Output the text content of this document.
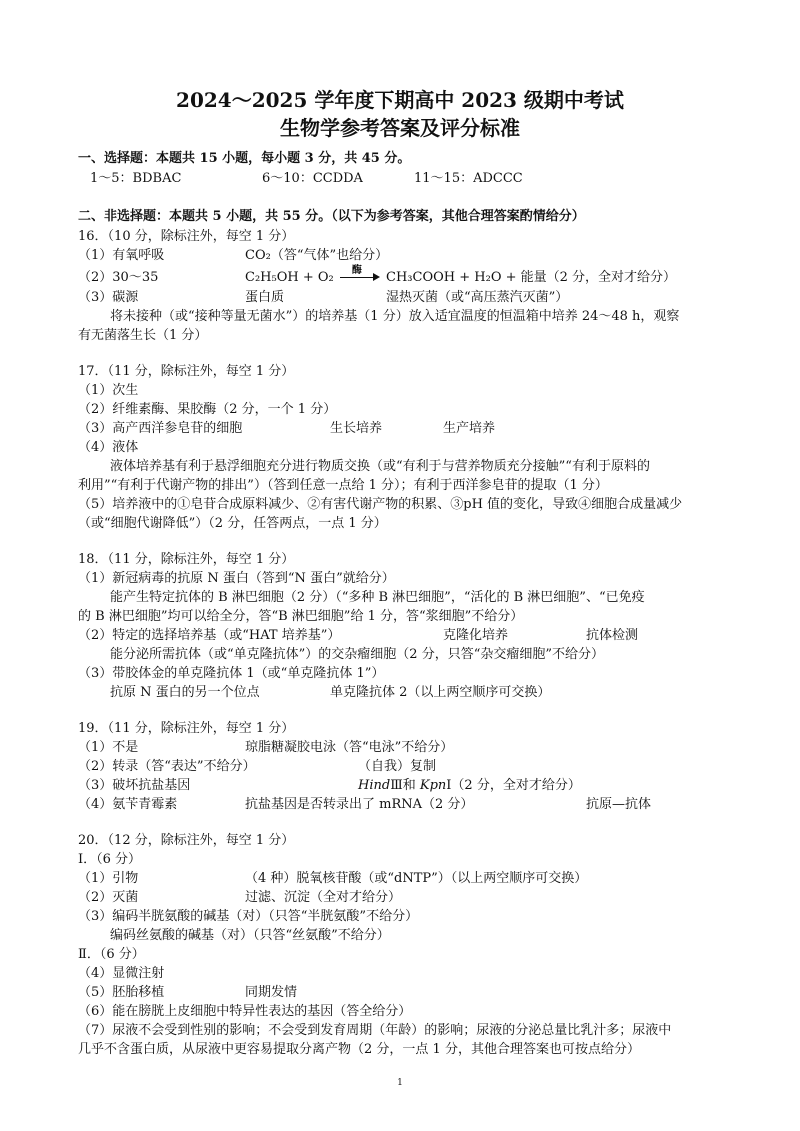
2024～2025 学年度下期高中 2023 级期中考试
生物学参考答案及评分标准
一、选择题：本题共 15 小题，每小题 3 分，共 45 分。
1～5：BDBAC	6～10：CCDDA	11～15：ADCCC
二、非选择题：本题共 5 小题，共 55 分。（以下为参考答案，其他合理答案酌情给分）
16．（10 分，除标注外，每空 1 分）
（1）有氧呼吸	CO₂（答“气体”也给分）
（2）30～35	C₂H₅OH + O₂ 酶 CH₃COOH + H₂O + 能量（2 分，全对才给分）
（3）碳源	蛋白质	湿热灭菌（或“高压蒸汽灭菌”）
将未接种（或“接种等量无菌水”）的培养基（1 分）放入适宜温度的恒温箱中培养 24～48 h，观察
有无菌落生长（1 分）
17．（11 分，除标注外，每空 1 分）
（1）次生
（2）纤维素酶、果胶酶（2 分，一个 1 分）
（3）高产西洋参皂苷的细胞	生长培养	生产培养
（4）液体
液体培养基有利于悬浮细胞充分进行物质交换（或“有利于与营养物质充分接触”“有利于原料的
利用”“有利于代谢产物的排出”）（答到任意一点给 1 分）；有利于西洋参皂苷的提取（1 分）
（5）培养液中的①皂苷合成原料减少、②有害代谢产物的积累、③pH 值的变化，导致④细胞合成量减少
（或“细胞代谢降低”）（2 分，任答两点，一点 1 分）
18．（11 分，除标注外，每空 1 分）
（1）新冠病毒的抗原 N 蛋白（答到“N 蛋白”就给分）
能产生特定抗体的 B 淋巴细胞（2 分）（“多种 B 淋巴细胞”，“活化的 B 淋巴细胞”、“已免疫
的 B 淋巴细胞”均可以给全分，答“B 淋巴细胞”给 1 分，答“浆细胞”不给分）
（2）特定的选择培养基（或“HAT 培养基”）	克隆化培养	抗体检测
能分泌所需抗体（或“单克隆抗体”）的交杂瘤细胞（2 分，只答“杂交瘤细胞”不给分）
（3）带胶体金的单克隆抗体 1（或“单克隆抗体 1”）
抗原 N 蛋白的另一个位点	单克隆抗体 2（以上两空顺序可交换）
19．（11 分，除标注外，每空 1 分）
（1）不是	琼脂糖凝胶电泳（答“电泳”不给分）
（2）转录（答“表达”不给分）	（自我）复制
（3）破坏抗盐基因	HindⅢ和 KpnⅠ（2 分，全对才给分）
（4）氨苄青霉素	抗盐基因是否转录出了 mRNA（2 分）	抗原—抗体
20．（12 分，除标注外，每空 1 分）
Ⅰ．（6 分）
（1）引物	（4 种）脱氧核苷酸（或“dNTP”）（以上两空顺序可交换）
（2）灭菌	过滤、沉淀（全对才给分）
（3）编码半胱氨酸的碱基（对）（只答“半胱氨酸”不给分）
编码丝氨酸的碱基（对）（只答“丝氨酸”不给分）
Ⅱ．（6 分）
（4）显微注射
（5）胚胎移植	同期发情
（6）能在膀胱上皮细胞中特异性表达的基因（答全给分）
（7）尿液不会受到性别的影响；不会受到发育周期（年龄）的影响；尿液的分泌总量比乳汁多；尿液中
几乎不含蛋白质，从尿液中更容易提取分离产物（2 分，一点 1 分，其他合理答案也可按点给分）
1
